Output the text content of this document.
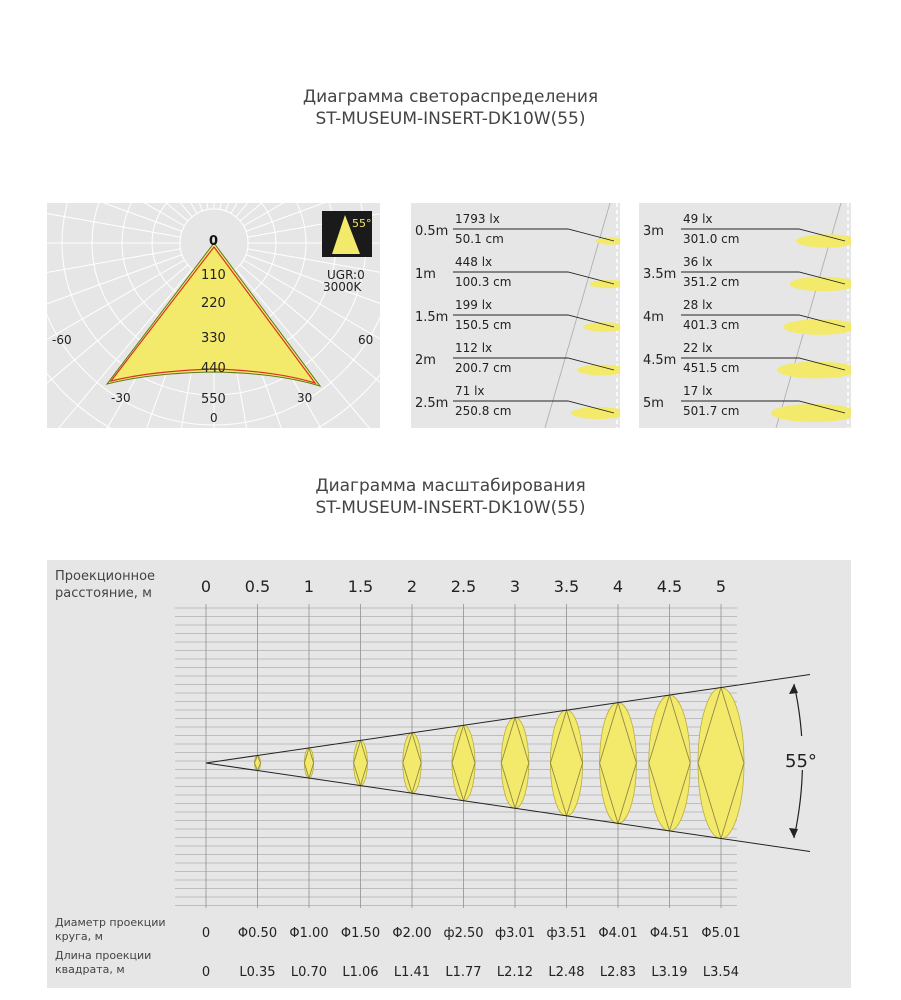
Диаграмма светораспределения
ST-MUSEUM-INSERT-DK10W(55)
0
110
220
330
440
550
0
-60	60
-30	30
55°
UGR:0
3000K
0.5m
1793 lx
50.1 cm
1m
448 lx
100.3 cm
1.5m
199 lx
150.5 cm
2m
112 lx
200.7 cm
2.5m
71 lx
250.8 cm
3m
49 lx
301.0 cm
3.5m
36 lx
351.2 cm
4m
28 lx
401.3 cm
4.5m
22 lx
451.5 cm
5m
17 lx
501.7 cm
Диаграмма масштабирования
ST-MUSEUM-INSERT-DK10W(55)
Проекционное
расстояние, м
Диаметр проекции
круга, м
Длина проекции
квадрата, м
0
0
0
0.5
Φ0.50
L0.35
1
Φ1.00
L0.70
1.5
Φ1.50
L1.06
2
Φ2.00
L1.41
2.5
ф2.50
L1.77
3
ф3.01
L2.12
3.5
ф3.51
L2.48
4
Φ4.01
L2.83
4.5
Φ4.51
L3.19
5
Φ5.01
L3.54
55°
